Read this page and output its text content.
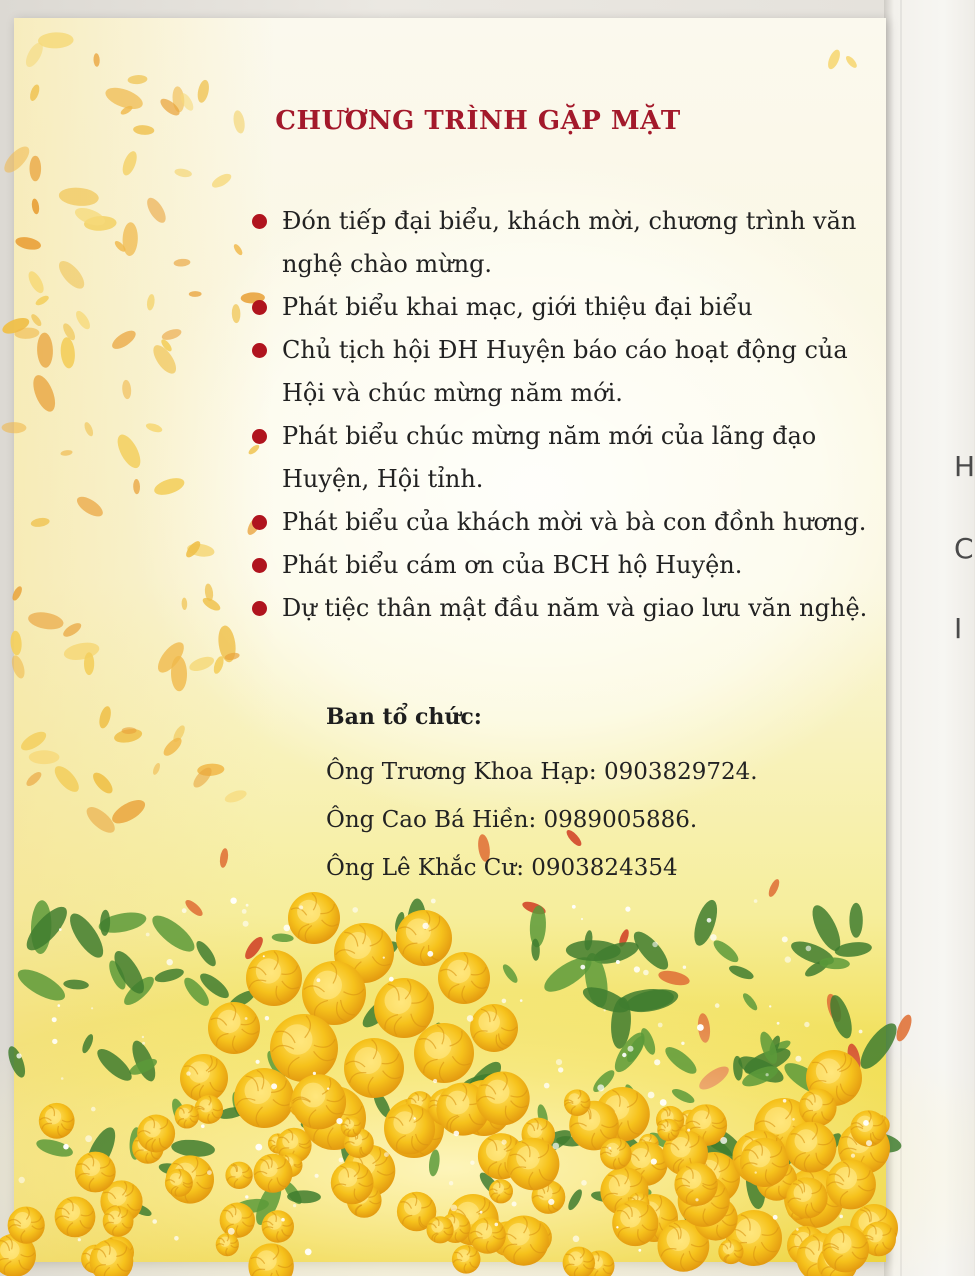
H
C
I
CHƯƠNG TRÌNH GẶP MẶT
Đón tiếp đại biểu, khách mời, chương trình văn nghệ chào mừng.
Phát biểu khai mạc, giới thiệu đại biểu
Chủ tịch hội ĐH Huyện báo cáo hoạt động của Hội và chúc mừng năm mới.
Phát biểu chúc mừng năm mới của lãng đạo Huyện, Hội tỉnh.
Phát biểu của khách mời và bà con đồnh hương.
Phát biểu cám ơn của BCH hộ Huyện.
Dự tiệc thân mật đầu năm và giao lưu văn nghệ.
Ban tổ chức:
Ông Trương Khoa Hạp: 0903829724.
Ông Cao Bá Hiền: 0989005886.
Ông Lê Khắc Cư: 0903824354
